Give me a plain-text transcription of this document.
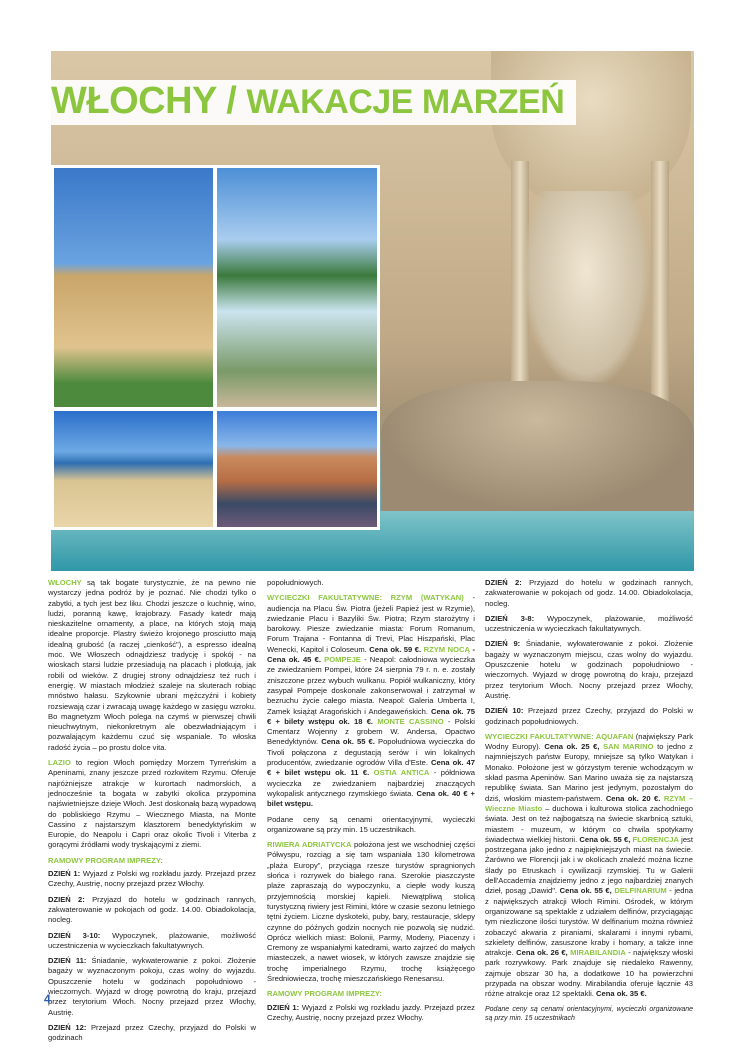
WŁOCHY / WAKACJE MARZEŃ

WŁOCHY są tak bogate turystycznie, że na pewno nie wystarczy jedna podróż by je poznać. Nie chodzi tylko o zabytki, a tych jest bez liku. Chodzi jeszcze o kuchnię, wino, ludzi, poranną kawę, krajobrazy. Fasady katedr mają nieskazitelne ornamenty, a place, na których stoją mają idealne proporcje. Plastry świeżo krojonego prosciutto mają idealną grubość (a raczej „cienkość"), a espresso idealną moc. We Włoszech odnajdziesz tradycję i spokój - na wioskach starsi ludzie przesiadują na placach i plotkują, jak robili od wieków. Z drugiej strony odnajdziesz też ruch i energię. W miastach młodzież szaleje na skuterach robiąc mnóstwo hałasu. Szykownie ubrani mężczyźni i kobiety rozsiewają czar i zwracają uwagę każdego w zasięgu wzroku. Bo magnetyzm Włoch polega na czymś w pierwszej chwili nieuchwytnym, niekonkretnym ale obezwładniającym i pozwalającym każdemu czuć się wspaniale. To włoska radość życia – po prostu dolce vita.

LAZIO to region Włoch pomiędzy Morzem Tyrreńskim a Apeninami, znany jeszcze przed rozkwitem Rzymu. Oferuje najróżniejsze atrakcje w kurortach nadmorskich, a jednocześnie ta bogata w zabytki okolica przypomina najświetniejsze dzieje Włoch. Jest doskonałą bazą wypadową do pobliskiego Rzymu – Wiecznego Miasta, na Monte Cassino z najstarszym klasztorem benedyktyńskim w Europie, do Neapolu i Capri oraz okolic Tivoli i Viterba z gorącymi źródłami wody tryskającymi z ziemi.

RAMOWY PROGRAM IMPREZY:

DZIEŃ 1: Wyjazd z Polski wg rozkładu jazdy. Przejazd przez Czechy, Austrię, nocny przejazd przez Włochy.

DZIEŃ 2: Przyjazd do hotelu w godzinach rannych, zakwaterowanie w pokojach od godz. 14.00. Obiadokolacja, nocleg.

DZIEŃ 3-10: Wypoczynek, plażowanie, możliwość uczestniczenia w wycieczkach fakultatywnych.

DZIEŃ 11: Śniadanie, wykwaterowanie z pokoi. Złożenie bagaży w wyznaczonym pokoju, czas wolny do wyjazdu. Opuszczenie hotelu w godzinach popołudniowo - wieczornych. Wyjazd w drogę powrotną do kraju, przejazd przez terytorium Włoch. Nocny przejazd przez Włochy, Austrię.

DZIEŃ 12: Przejazd przez Czechy, przyjazd do Polski w godzinach

popołudniowych.

WYCIECZKI FAKULTATYWNE: RZYM (WATYKAN) - audiencja na Placu Św. Piotra (jeżeli Papież jest w Rzymie), zwiedzanie Placu i Bazyliki Św. Piotra; Rzym starożytny i barokowy. Piesze zwiedzanie miasta: Forum Romanum, Forum Trajana - Fontanna di Trevi, Plac Hiszpański, Plac Wenecki, Kapitol i Coloseum. Cena ok. 59 €. RZYM NOCĄ - Cena ok. 45 €. POMPEJE - Neapol: całodniowa wycieczka ze zwiedzaniem Pompei, które 24 sierpnia 79 r. n. e. zostały zniszczone przez wybuch wulkanu. Popiół wulkaniczny, który zasypał Pompeje doskonale zakonserwował i zatrzymał w bezruchu życie całego miasta. Neapol: Galeria Umberta I, Zamek książąt Aragońskich i Andegaweńskich. Cena ok. 75 € + bilety wstępu ok. 18 €. MONTE CASSINO - Polski Cmentarz Wojenny z grobem W. Andersa, Opactwo Benedyktynów. Cena ok. 55 €. Popołudniowa wycieczka do Tivoli połączona z degustacją serów i win lokalnych producentów, zwiedzanie ogrodów Villa d'Este. Cena ok. 47 € + bilet wstępu ok. 11 €. OSTIA ANTICA - półdniowa wycieczka ze zwiedzaniem najbardziej znaczących wykopalisk antycznego rzymskiego świata. Cena ok. 40 € + bilet wstępu.

Podane ceny są cenami orientacyjnymi, wycieczki organizowane są przy min. 15 uczestnikach.

RIWIERA ADRIATYCKA położona jest we wschodniej części Półwyspu, rozciąg a się tam wspaniała 130 kilometrowa „plaża Europy", przyciąga rzesze turystów spragnionych słońca i rozrywek do białego rana. Szerokie piaszczyste plaże zapraszają do wypoczynku, a ciepłe wody kuszą przyjemnością morskiej kąpieli. Niewątpliwą stolicą turystyczną riwiery jest Rimini, które w czasie sezonu letniego tętni życiem. Liczne dyskoteki, puby, bary, restauracje, sklepy czynne do późnych godzin nocnych nie pozwolą się nudzić. Oprócz wielkich miast: Bolonii, Parmy, Modeny, Piacenzy i Cremony ze wspaniałymi katedrami, warto zajrzeć do małych miasteczek, a nawet wiosek, w których zawsze znajdzie się trochę imperialnego Rzymu, trochę książęcego Średniowiecza, trochę mieszczańskiego Renesansu.

RAMOWY PROGRAM IMPREZY:

DZIEŃ 1: Wyjazd z Polski wg rozkładu jazdy. Przejazd przez Czechy, Austrię, nocny przejazd przez Włochy.

DZIEŃ 2: Przyjazd do hotelu w godzinach rannych, zakwaterowanie w pokojach od godz. 14.00. Obiadokolacja, nocleg.

DZIEŃ 3-8: Wypoczynek, plażowanie, możliwość uczestniczenia w wycieczkach fakultatywnych.

DZIEŃ 9: Śniadanie, wykwaterowanie z pokoi. Złożenie bagaży w wyznaczonym miejscu, czas wolny do wyjazdu. Opuszczenie hotelu w godzinach popołudniowo - wieczornych. Wyjazd w drogę powrotną do kraju, przejazd przez terytorium Włoch. Nocny przejazd przez Włochy, Austrię.

DZIEŃ 10: Przejazd przez Czechy, przyjazd do Polski w godzinach popołudniowych.

WYCIECZKI FAKULTATYWNE: AQUAFAN (największy Park Wodny Europy). Cena ok. 25 €, SAN MARINO to jedno z najmniejszych państw Europy, mniejsze są tylko Watykan i Monako. Położone jest w górzystym terenie wchodzącym w skład pasma Apeninów. San Marino uważa się za najstarszą republikę świata. San Marino jest jedynym, pozostałym do dziś, włoskim miastem-państwem. Cena ok. 20 €. RZYM – Wieczne Miasto – duchowa i kulturowa stolica zachodniego świata. Jest on też najbogatszą na świecie skarbnicą sztuki, miastem - muzeum, w którym co chwila spotykamy świadectwa wielkiej historii. Cena ok. 55 €, FLORENCJA jest postrzegana jako jedno z najpiękniejszych miast na świecie. Żarówno we Florencji jak i w okolicach znaleźć można liczne ślady po Etruskach i cywilizacji rzymskiej. Tu w Galerii dell'Accademia znajdziemy jedno z jego najbardziej znanych dzieł, posąg „Dawid". Cena ok. 55 €, DELFINARIUM - jedna z największych atrakcji Włoch Rimini. Ośrodek, w którym organizowane są spektakle z udziałem delfinów, przyciągając tym niezliczone ilości turystów. W delfinarium można również zobaczyć akwaria z piraniami, skalarami i innymi rybami, szkielety delfinów, zasuszone kraby i homary, a także inne atrakcje. Cena ok. 26 €, MIRABILANDIA - największy włoski park rozrywkowy. Park znajduje się niedaleko Rawenny, zajmuje obszar 30 ha, a dodatkowe 10 ha powierzchni przypada na obszar wodny. Mirabilandia oferuje łącznie 43 różne atrakcje oraz 12 spektakli. Cena ok. 35 €.

Podane ceny są cenami orientacyjnymi, wycieczki organizowane są przy min. 15 uczestnikach

4
